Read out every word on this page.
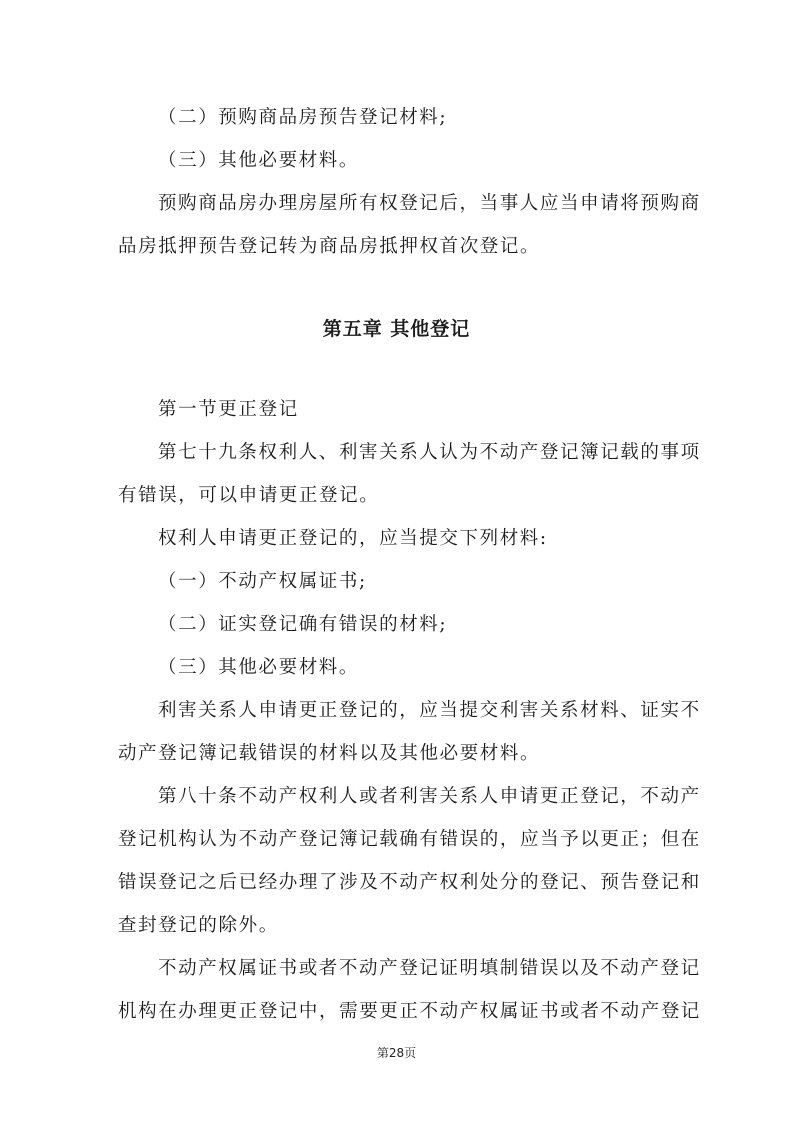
（二）预购商品房预告登记材料;
（三）其他必要材料。
预购商品房办理房屋所有权登记后，当事人应当申请将预购商
品房抵押预告登记转为商品房抵押权首次登记。
第五章 其他登记
第一节更正登记
第七十九条权利人、利害关系人认为不动产登记簿记载的事项
有错误，可以申请更正登记。
权利人申请更正登记的，应当提交下列材料:
（一）不动产权属证书;
（二）证实登记确有错误的材料;
（三）其他必要材料。
利害关系人申请更正登记的，应当提交利害关系材料、证实不
动产登记簿记载错误的材料以及其他必要材料。
第八十条不动产权利人或者利害关系人申请更正登记，不动产
登记机构认为不动产登记簿记载确有错误的，应当予以更正；但在
错误登记之后已经办理了涉及不动产权利处分的登记、预告登记和
查封登记的除外。
不动产权属证书或者不动产登记证明填制错误以及不动产登记
机构在办理更正登记中，需要更正不动产权属证书或者不动产登记
第28页
